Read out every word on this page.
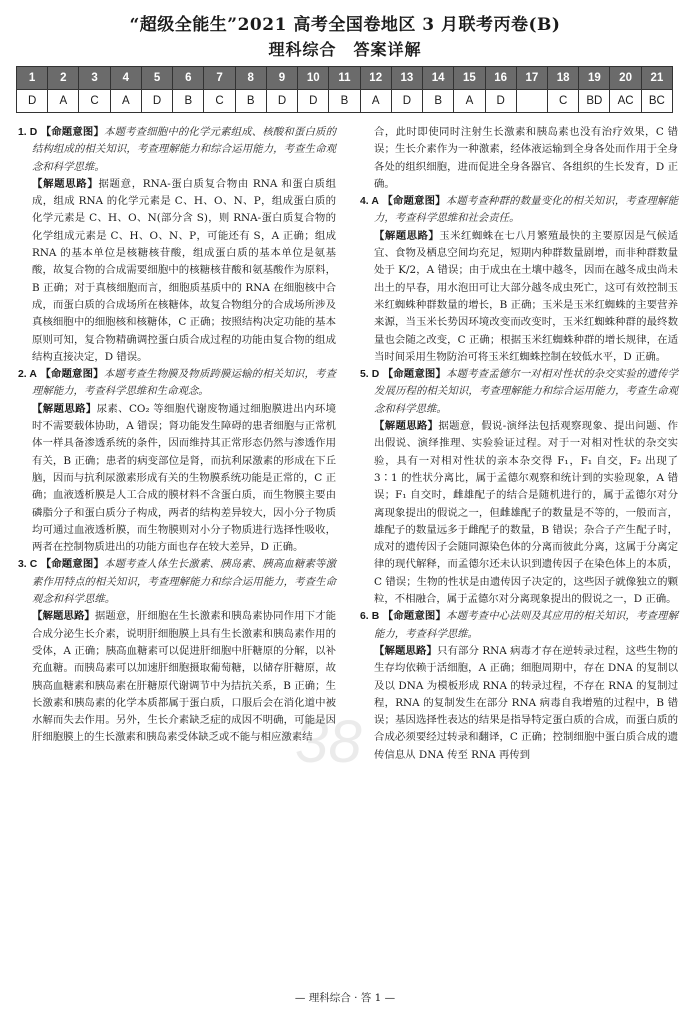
“超级全能生”2021 高考全国卷地区 3 月联考丙卷(B)
理科综合　答案详解
1	2	3	4	5	6	7	8	9	10	11	12	13	14	15	16	17	18	19	20	21
D	A	C	A	D	B	C	B	D	D	B	A	D	B	A	D		C	BD	AC	BC

1. D 【命题意图】本题考查细胞中的化学元素组成、核酸和蛋白质的结构组成的相关知识，考查理解能力和综合运用能力，考查生命观念和科学思维。

【解题思路】据题意，RNA-蛋白质复合物由 RNA 和蛋白质组成，组成 RNA 的化学元素是 C、H、O、N、P，组成蛋白质的化学元素是 C、H、O、N(部分含 S)，则 RNA-蛋白质复合物的化学组成元素是 C、H、O、N、P，可能还有 S，A 正确；组成 RNA 的基本单位是核糖核苷酸，组成蛋白质的基本单位是氨基酸，故复合物的合成需要细胞中的核糖核苷酸和氨基酸作为原料，B 正确；对于真核细胞而言，细胞质基质中的 RNA 在细胞核中合成，而蛋白质的合成场所在核糖体，故复合物组分的合成场所涉及真核细胞中的细胞核和核糖体，C 正确；按照结构决定功能的基本原则可知，复合物精确调控蛋白质合成过程的功能由复合物的组成结构直接决定，D 错误。

2. A 【命题意图】本题考查生物膜及物质跨膜运输的相关知识，考查理解能力，考查科学思维和生命观念。

【解题思路】尿素、CO₂ 等细胞代谢废物通过细胞膜进出内环境时不需要载体协助，A 错误；肾功能发生障碍的患者细胞与正常机体一样具备渗透系统的条件，因而维持其正常形态仍然与渗透作用有关，B 正确；患者的病变部位是肾，而抗利尿激素的形成在下丘脑，因而与抗利尿激素形成有关的生物膜系统功能是正常的，C 正确；血液透析膜是人工合成的膜材料不含蛋白质，而生物膜主要由磷脂分子和蛋白质分子构成，两者的结构差异较大，因小分子物质均可通过血液透析膜，而生物膜则对小分子物质进行选择性吸收，两者在控制物质进出的功能方面也存在较大差异，D 正确。

3. C 【命题意图】本题考查人体生长激素、胰岛素、胰高血糖素等激素作用特点的相关知识，考查理解能力和综合运用能力，考查生命观念和科学思维。

【解题思路】据题意，肝细胞在生长激素和胰岛素协同作用下才能合成分泌生长介素，说明肝细胞膜上具有生长激素和胰岛素作用的受体，A 正确；胰高血糖素可以促进肝细胞中肝糖原的分解，以补充血糖。而胰岛素可以加速肝细胞摄取葡萄糖，以储存肝糖原，故胰高血糖素和胰岛素在肝糖原代谢调节中为拮抗关系，B 正确；生长激素和胰岛素的化学本质都属于蛋白质，口服后会在消化道中被水解而失去作用。另外，生长介素缺乏症的成因不明确，可能是因肝细胞膜上的生长激素和胰岛素受体缺乏或不能与相应激素结

合，此时即使同时注射生长激素和胰岛素也没有治疗效果，C 错误；生长介素作为一种激素，经体液运输到全身各处而作用于全身各处的组织细胞，进而促进全身各器官、各组织的生长发育，D 正确。

4. A 【命题意图】本题考查种群的数量变化的相关知识，考查理解能力，考查科学思维和社会责任。

【解题思路】玉米红蜘蛛在七八月繁殖最快的主要原因是气候适宜、食物及栖息空间均充足，短期内种群数量剧增，而非种群数量处于 K/2，A 错误；由于成虫在土壤中越冬，因而在越冬成虫尚未出土的早春，用水泡田可让大部分越冬成虫死亡，这可有效控制玉米红蜘蛛种群数量的增长，B 正确；玉米是玉米红蜘蛛的主要营养来源，当玉米长势因环境改变而改变时，玉米红蜘蛛种群的最终数量也会随之改变，C 正确；根据玉米红蜘蛛种群的增长规律，在适当时间采用生物防治可将玉米红蜘蛛控制在较低水平，D 正确。

5. D 【命题意图】本题考查孟德尔一对相对性状的杂交实验的遗传学发展历程的相关知识，考查理解能力和综合运用能力，考查生命观念和科学思维。

【解题思路】据题意，假说-演绎法包括观察现象、提出问题、作出假说、演绎推理、实验验证过程。对于一对相对性状的杂交实验，具有一对相对性状的亲本杂交得 F₁，F₁ 自交，F₂ 出现了 3∶1 的性状分离比，属于孟德尔观察和统计到的实验现象，A 错误；F₁ 自交时，雌雄配子的结合是随机进行的，属于孟德尔对分离现象提出的假说之一，但雌雄配子的数量是不等的，一般而言，雄配子的数量远多于雌配子的数量，B 错误；杂合子产生配子时，成对的遗传因子会随同源染色体的分离而彼此分离，这属于分离定律的现代解释，而孟德尔还未认识到遗传因子在染色体上的本质，C 错误；生物的性状是由遗传因子决定的，这些因子就像独立的颗粒，不相融合，属于孟德尔对分离现象提出的假说之一，D 正确。

6. B 【命题意图】本题考查中心法则及其应用的相关知识，考查理解能力，考查科学思维。

【解题思路】只有部分 RNA 病毒才存在逆转录过程，这些生物的生存均依赖于活细胞，A 正确；细胞周期中，存在 DNA 的复制以及以 DNA 为模板形成 RNA 的转录过程，不存在 RNA 的复制过程，RNA 的复制发生在部分 RNA 病毒自我增殖的过程中，B 错误；基因选择性表达的结果是指导特定蛋白质的合成，而蛋白质的合成必须要经过转录和翻译，C 正确；控制细胞中蛋白质合成的遗传信息从 DNA 传至 RNA 再传到

38
— 理科综合 · 答 1 —
